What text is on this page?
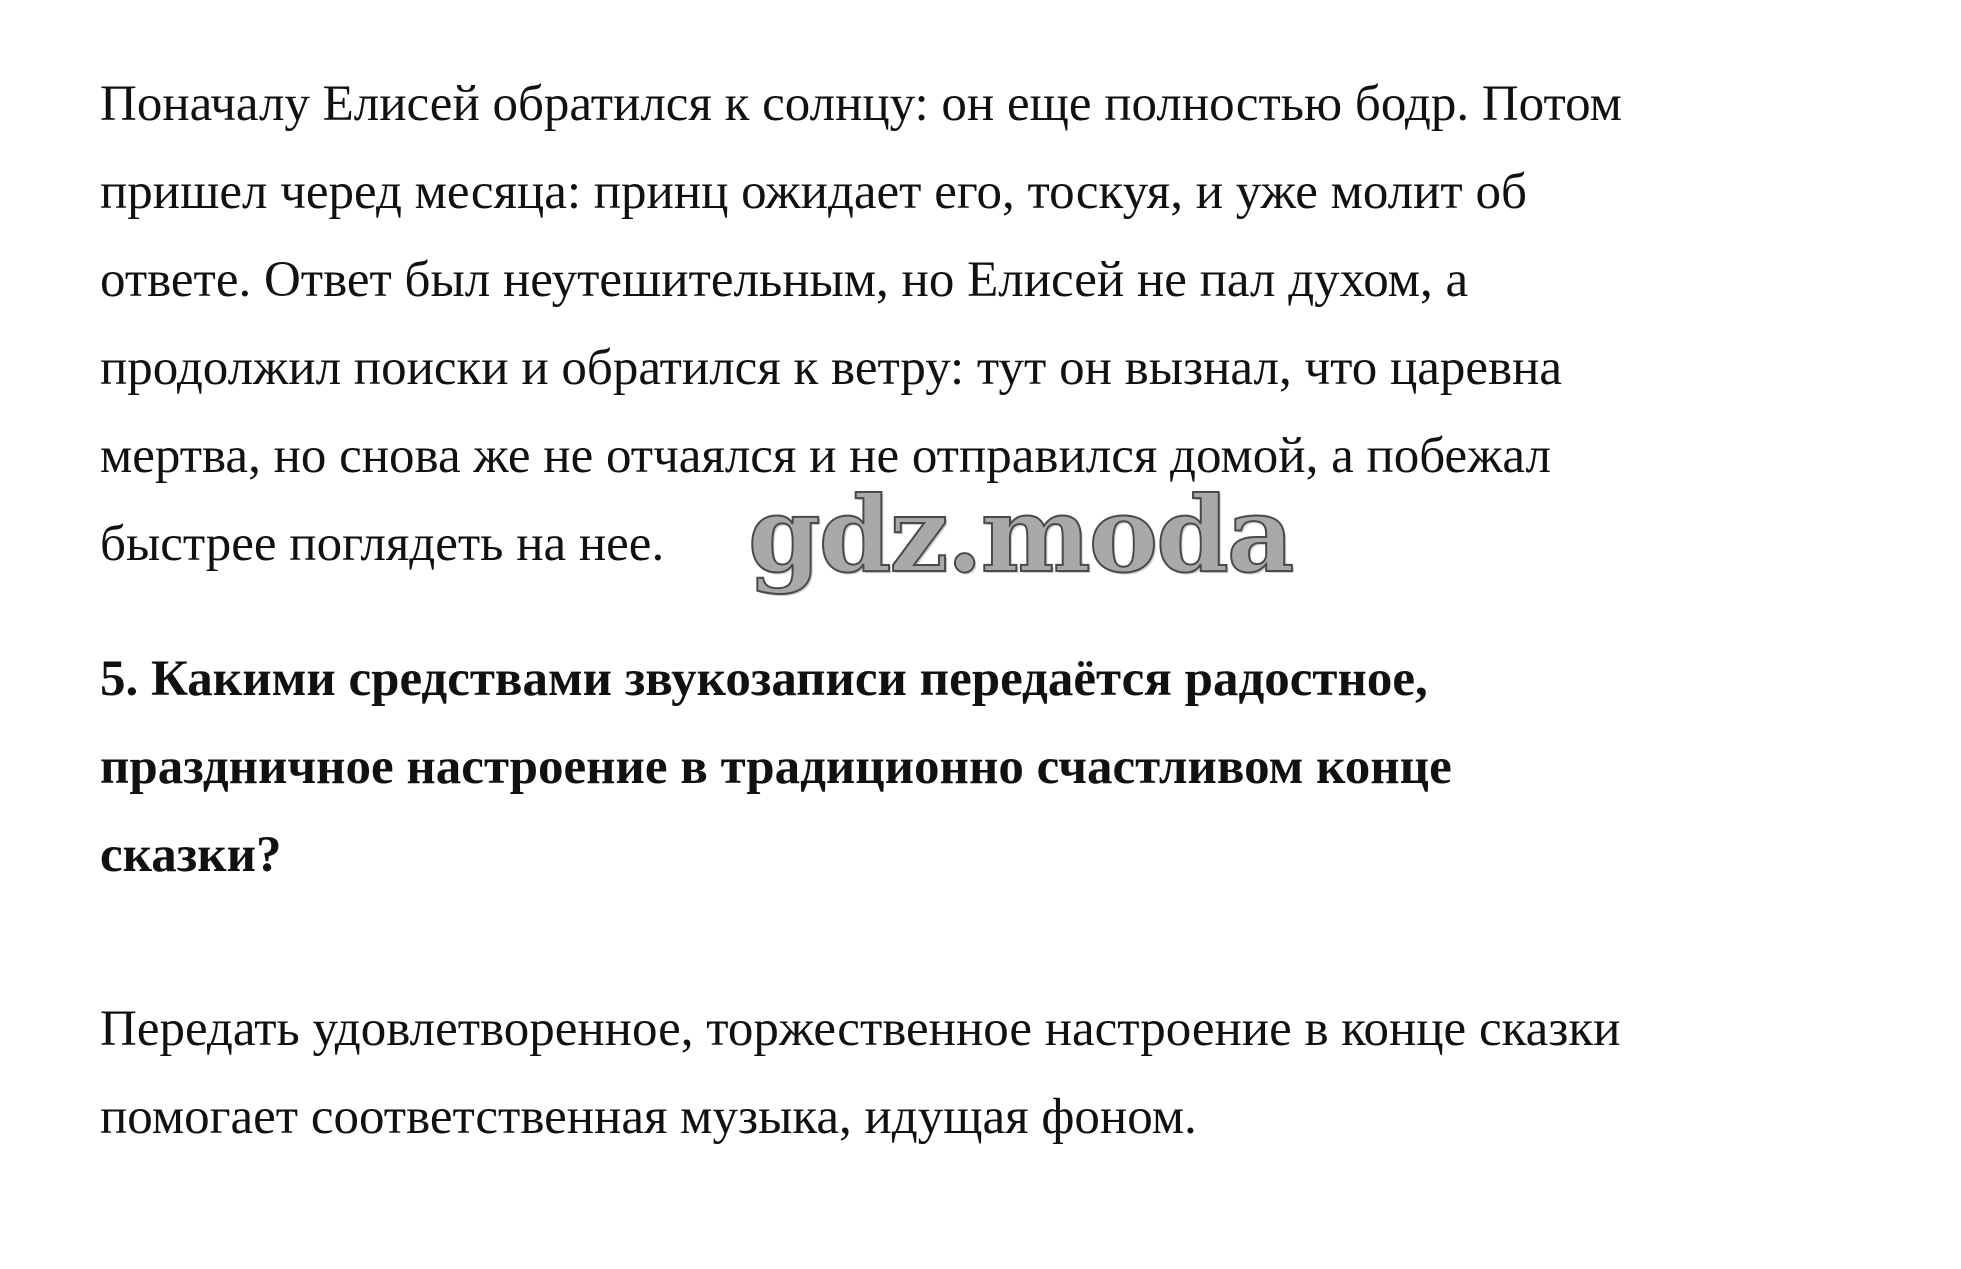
Поначалу Елисей обратился к солнцу: он еще полностью бодр. Потом
пришел черед месяца: принц ожидает его, тоскуя, и уже молит об
ответе. Ответ был неутешительным, но Елисей не пал духом, а
продолжил поиски и обратился к ветру: тут он вызнал, что царевна
мертва, но снова же не отчаялся и не отправился домой, а побежал
быстрее поглядеть на нее.

5. Какими средствами звукозаписи передаётся радостное,
праздничное настроение в традиционно счастливом конце
сказки?

Передать удовлетворенное, торжественное настроение в конце сказки
помогает соответственная музыка, идущая фоном.

gdz.moda
